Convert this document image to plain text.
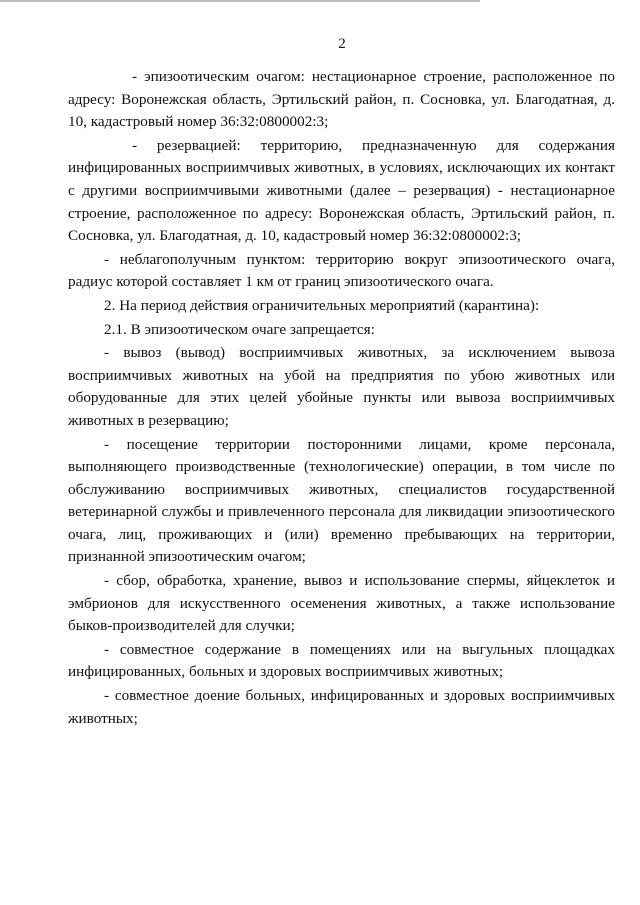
2

- эпизоотическим очагом: нестационарное строение, расположенное по адресу: Воронежская область, Эртильский район, п. Сосновка, ул. Благодатная, д. 10, кадастровый номер 36:32:0800002:3;

- резервацией: территорию, предназначенную для содержания инфицированных восприимчивых животных, в условиях, исключающих их контакт с другими восприимчивыми животными (далее – резервация) - нестационарное строение, расположенное по адресу: Воронежская область, Эртильский район, п. Сосновка, ул. Благодатная, д. 10, кадастровый номер 36:32:0800002:3;

- неблагополучным пунктом: территорию вокруг эпизоотического очага, радиус которой составляет 1 км от границ эпизоотического очага.

2. На период действия ограничительных мероприятий (карантина):

2.1. В эпизоотическом очаге запрещается:

- вывоз (вывод) восприимчивых животных, за исключением вывоза восприимчивых животных на убой на предприятия по убою животных или оборудованные для этих целей убойные пункты или вывоза восприимчивых животных в резервацию;

- посещение территории посторонними лицами, кроме персонала, выполняющего производственные (технологические) операции, в том числе по обслуживанию восприимчивых животных, специалистов государственной ветеринарной службы и привлеченного персонала для ликвидации эпизоотического очага, лиц, проживающих и (или) временно пребывающих на территории, признанной эпизоотическим очагом;

- сбор, обработка, хранение, вывоз и использование спермы, яйцеклеток и эмбрионов для искусственного осеменения животных, а также использование быков-производителей для случки;

- совместное содержание в помещениях или на выгульных площадках инфицированных, больных и здоровых восприимчивых животных;

- совместное доение больных, инфицированных и здоровых восприимчивых животных;
